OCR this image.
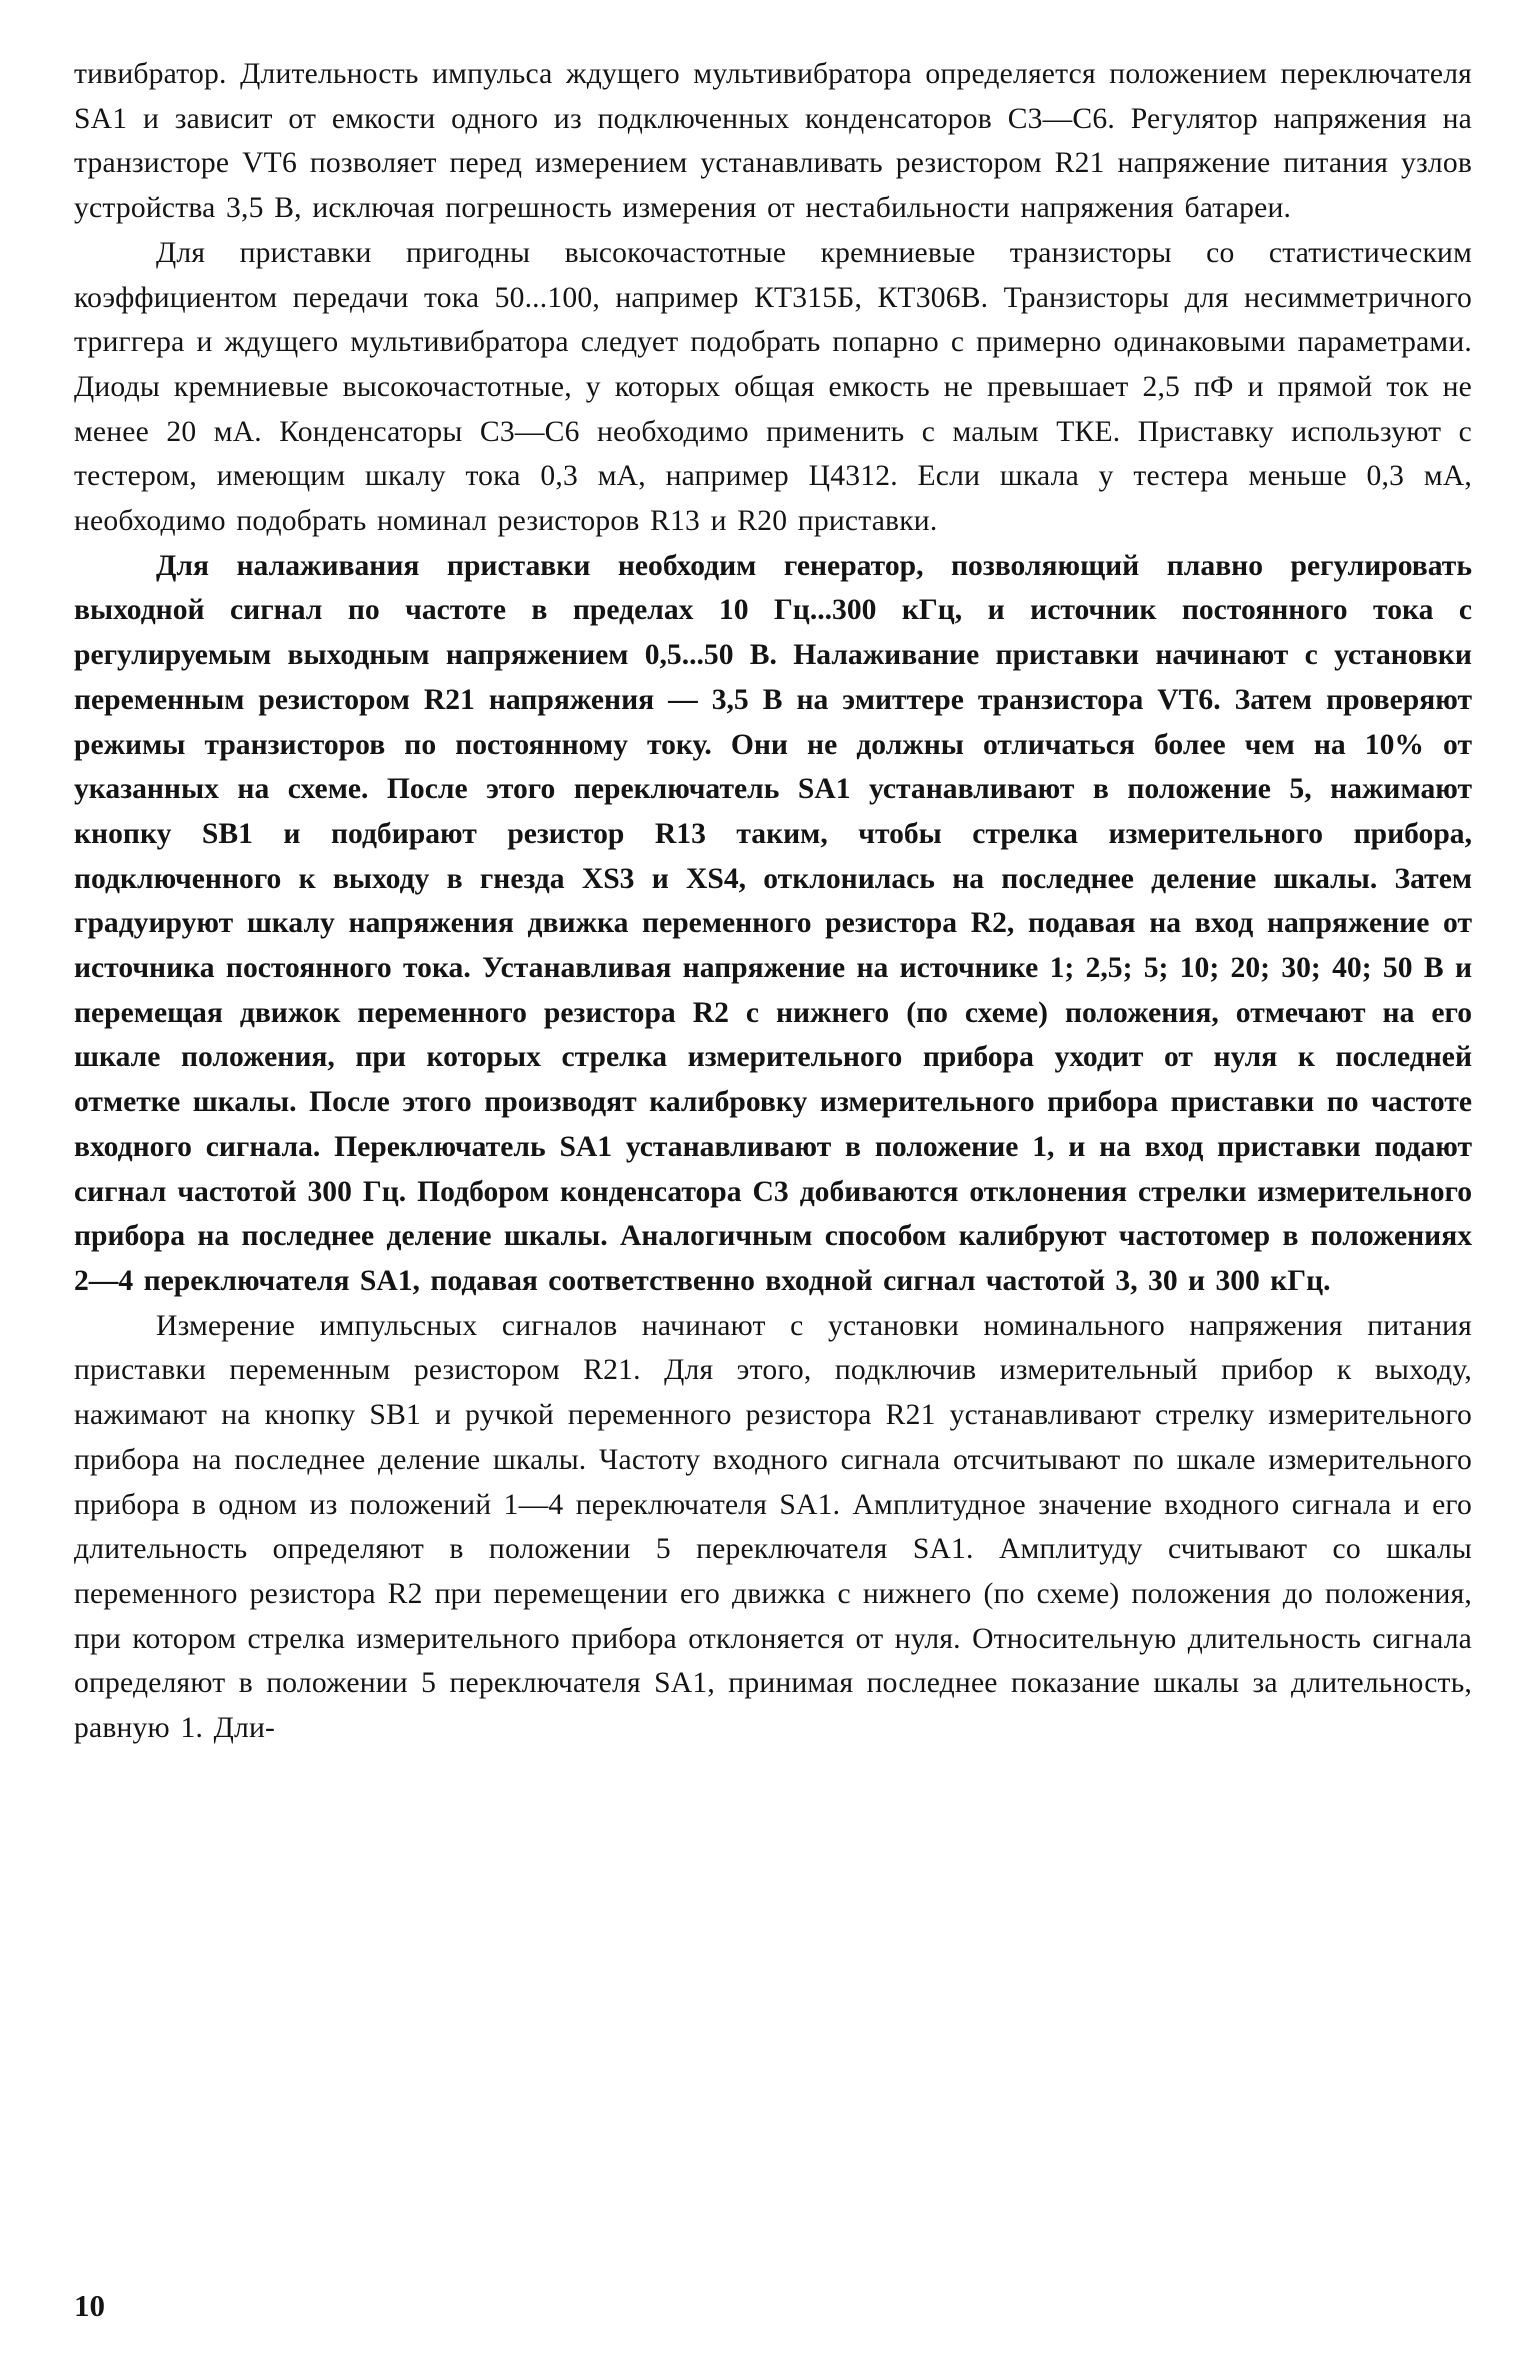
тивибратор. Длительность импульса ждущего мультивибратора определяется положением переключателя SA1 и зависит от емкости одного из подключенных конденсаторов С3—С6. Регулятор напряжения на транзисторе VT6 позволяет перед измерением устанавливать резистором R21 напряжение питания узлов устройства 3,5 В, исключая погрешность измерения от нестабильности напряжения батареи.

Для приставки пригодны высокочастотные кремниевые транзисторы со статистическим коэффициентом передачи тока 50...100, например КТ315Б, КТ306В. Транзисторы для несимметричного триггера и ждущего мультивибратора следует подобрать попарно с примерно одинаковыми параметрами. Диоды кремниевые высокочастотные, у которых общая емкость не превышает 2,5 пФ и прямой ток не менее 20 мА. Конденсаторы С3—С6 необходимо применить с малым ТКЕ. Приставку используют с тестером, имеющим шкалу тока 0,3 мА, например Ц4312. Если шкала у тестера меньше 0,3 мА, необходимо подобрать номинал резисторов R13 и R20 приставки.

Для налаживания приставки необходим генератор, позволяющий плавно регулировать выходной сигнал по частоте в пределах 10 Гц...300 кГц, и источник постоянного тока с регулируемым выходным напряжением 0,5...50 В. Налаживание приставки начинают с установки переменным резистором R21 напряжения — 3,5 В на эмиттере транзистора VT6. Затем проверяют режимы транзисторов по постоянному току. Они не должны отличаться более чем на 10% от указанных на схеме. После этого переключатель SA1 устанавливают в положение 5, нажимают кнопку SB1 и подбирают резистор R13 таким, чтобы стрелка измерительного прибора, подключенного к выходу в гнезда XS3 и XS4, отклонилась на последнее деление шкалы. Затем градуируют шкалу напряжения движка переменного резистора R2, подавая на вход напряжение от источника постоянного тока. Устанавливая напряжение на источнике 1; 2,5; 5; 10; 20; 30; 40; 50 В и перемещая движок переменного резистора R2 с нижнего (по схеме) положения, отмечают на его шкале положения, при которых стрелка измерительного прибора уходит от нуля к последней отметке шкалы. После этого производят калибровку измерительного прибора приставки по частоте входного сигнала. Переключатель SA1 устанавливают в положение 1, и на вход приставки подают сигнал частотой 300 Гц. Подбором конденсатора С3 добиваются отклонения стрелки измерительного прибора на последнее деление шкалы. Аналогичным способом калибруют частотомер в положениях 2—4 переключателя SA1, подавая соответственно входной сигнал частотой 3, 30 и 300 кГц.

Измерение импульсных сигналов начинают с установки номинального напряжения питания приставки переменным резистором R21. Для этого, подключив измерительный прибор к выходу, нажимают на кнопку SB1 и ручкой переменного резистора R21 устанавливают стрелку измерительного прибора на последнее деление шкалы. Частоту входного сигнала отсчитывают по шкале измерительного прибора в одном из положений 1—4 переключателя SA1. Амплитудное значение входного сигнала и его длительность определяют в положении 5 переключателя SA1. Амплитуду считывают со шкалы переменного резистора R2 при перемещении его движка с нижнего (по схеме) положения до положения, при котором стрелка измерительного прибора отклоняется от нуля. Относительную длительность сигнала определяют в положении 5 переключателя SA1, принимая последнее показание шкалы за длительность, равную 1. Дли-

10
